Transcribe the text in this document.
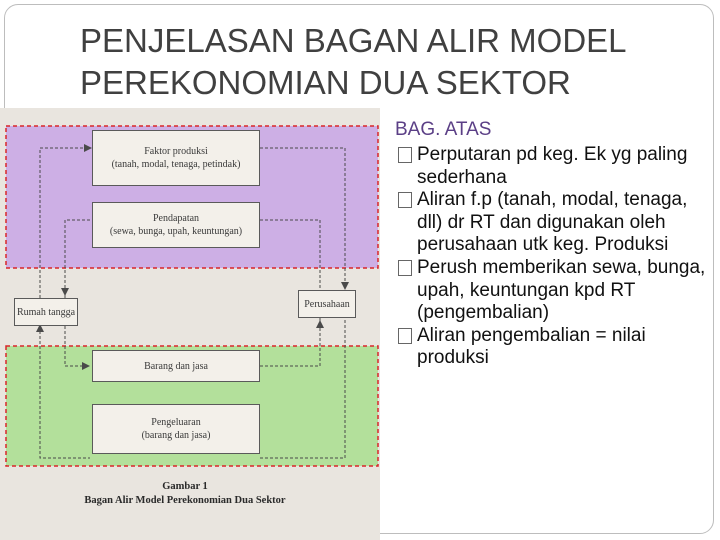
PENJELASAN BAGAN ALIR MODEL
PEREKONOMIAN DUA SEKTOR
Faktor produksi
(tanah, modal, tenaga, petindak)
Pendapatan
(sewa, bunga, upah, keuntungan)
Rumah tangga
Perusahaan
Barang dan jasa
Pengeluaran
(barang dan jasa)
Gambar 1
Bagan Alir Model Perekonomian Dua Sektor
BAG. ATAS
Perputaran pd keg. Ek yg paling sederhana
Aliran f.p (tanah, modal, tenaga, dll) dr RT dan digunakan oleh perusahaan utk keg. Produksi
Perush memberikan sewa, bunga, upah, keuntungan kpd RT (pengembalian)
Aliran pengembalian = nilai produksi
